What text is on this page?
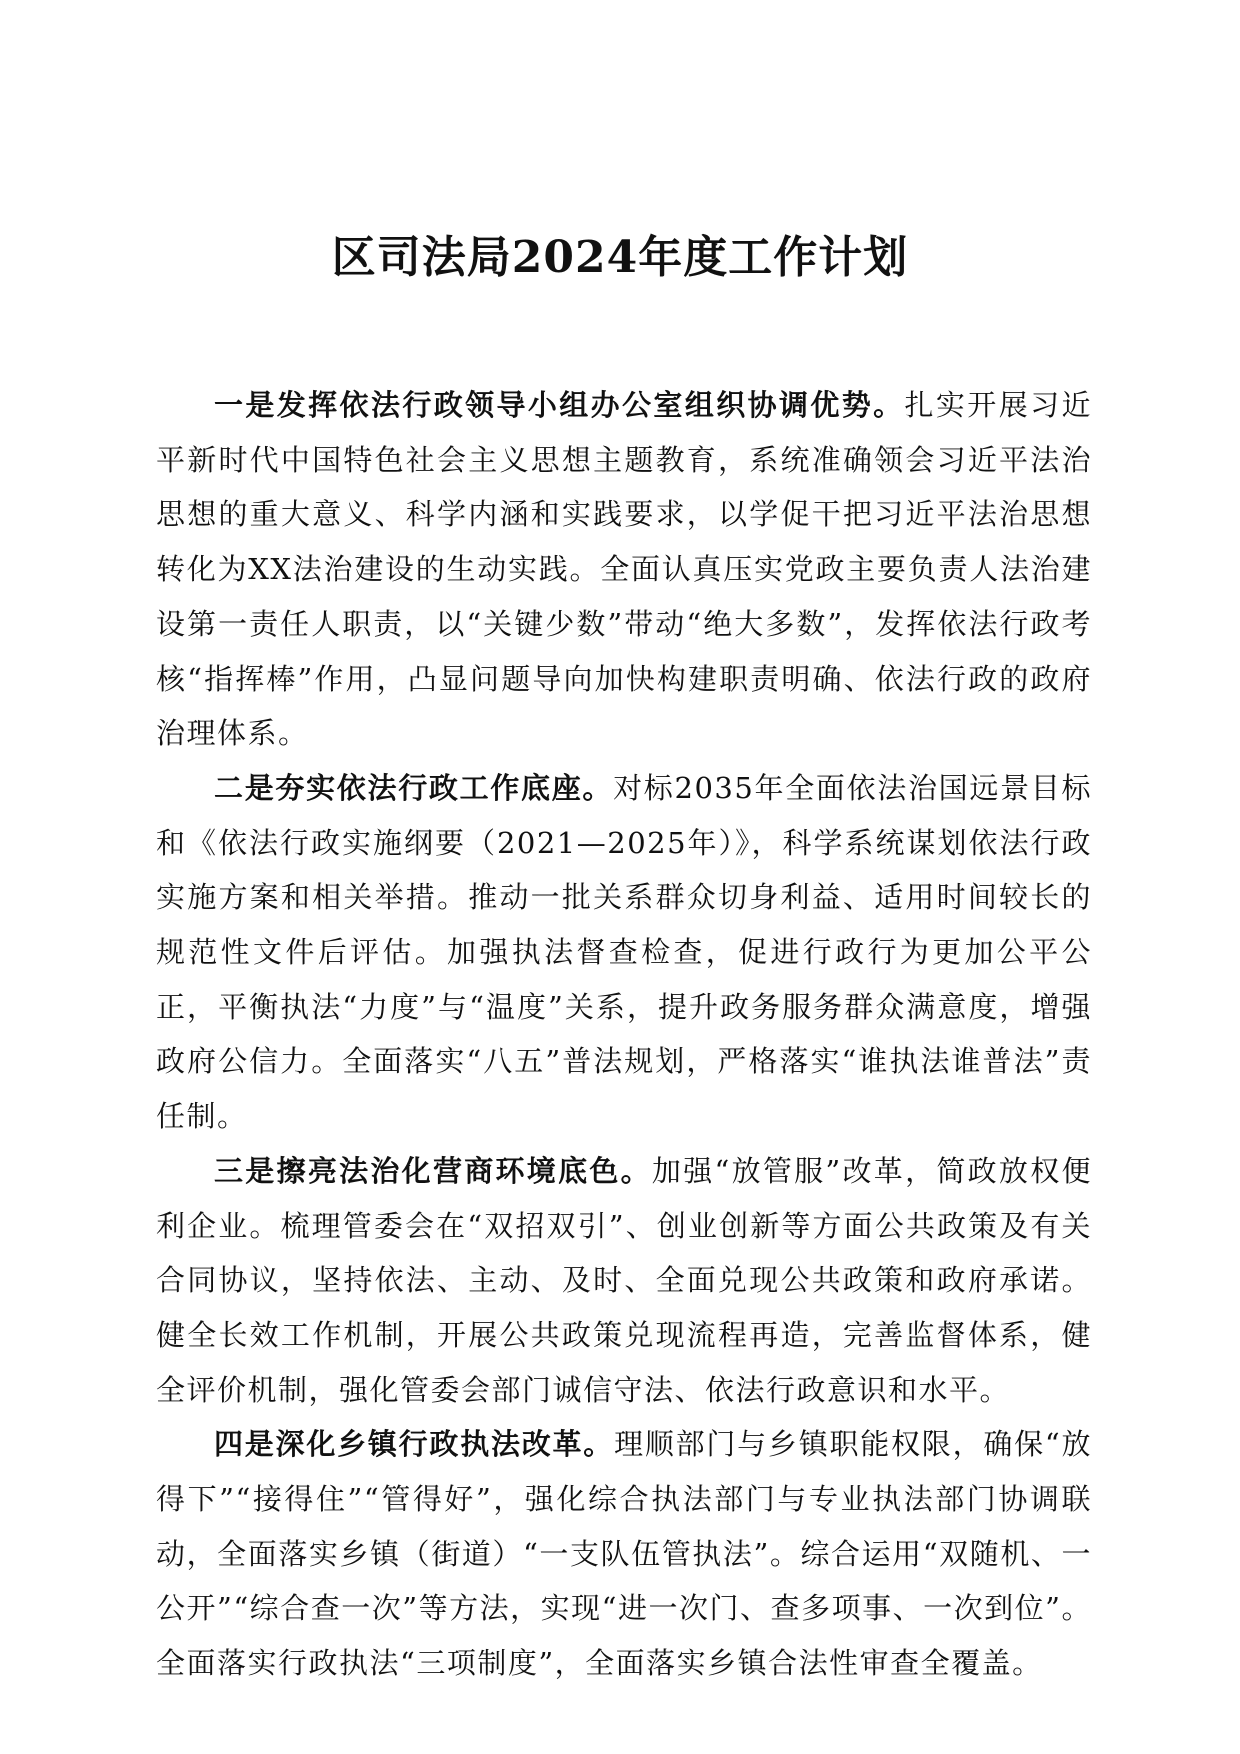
区司法局2024年度工作计划

一是发挥依法行政领导小组办公室组织协调优势。扎实开展习近平新时代中国特色社会主义思想主题教育，系统准确领会习近平法治思想的重大意义、科学内涵和实践要求，以学促干把习近平法治思想转化为XX法治建设的生动实践。全面认真压实党政主要负责人法治建设第一责任人职责，以“关键少数”带动“绝大多数”，发挥依法行政考核“指挥棒”作用，凸显问题导向加快构建职责明确、依法行政的政府治理体系。

二是夯实依法行政工作底座。对标2035年全面依法治国远景目标和《依法行政实施纲要（2021—2025年）》，科学系统谋划依法行政实施方案和相关举措。推动一批关系群众切身利益、适用时间较长的规范性文件后评估。加强执法督查检查，促进行政行为更加公平公正，平衡执法“力度”与“温度”关系，提升政务服务群众满意度，增强政府公信力。全面落实“八五”普法规划，严格落实“谁执法谁普法”责任制。

三是擦亮法治化营商环境底色。加强“放管服”改革，简政放权便利企业。梳理管委会在“双招双引”、创业创新等方面公共政策及有关合同协议，坚持依法、主动、及时、全面兑现公共政策和政府承诺。健全长效工作机制，开展公共政策兑现流程再造，完善监督体系，健全评价机制，强化管委会部门诚信守法、依法行政意识和水平。

四是深化乡镇行政执法改革。理顺部门与乡镇职能权限，确保“放得下”“接得住”“管得好”，强化综合执法部门与专业执法部门协调联动，全面落实乡镇（街道）“一支队伍管执法”。综合运用“双随机、一公开”“综合查一次”等方法，实现“进一次门、查多项事、一次到位”。全面落实行政执法“三项制度”，全面落实乡镇合法性审查全覆盖。
